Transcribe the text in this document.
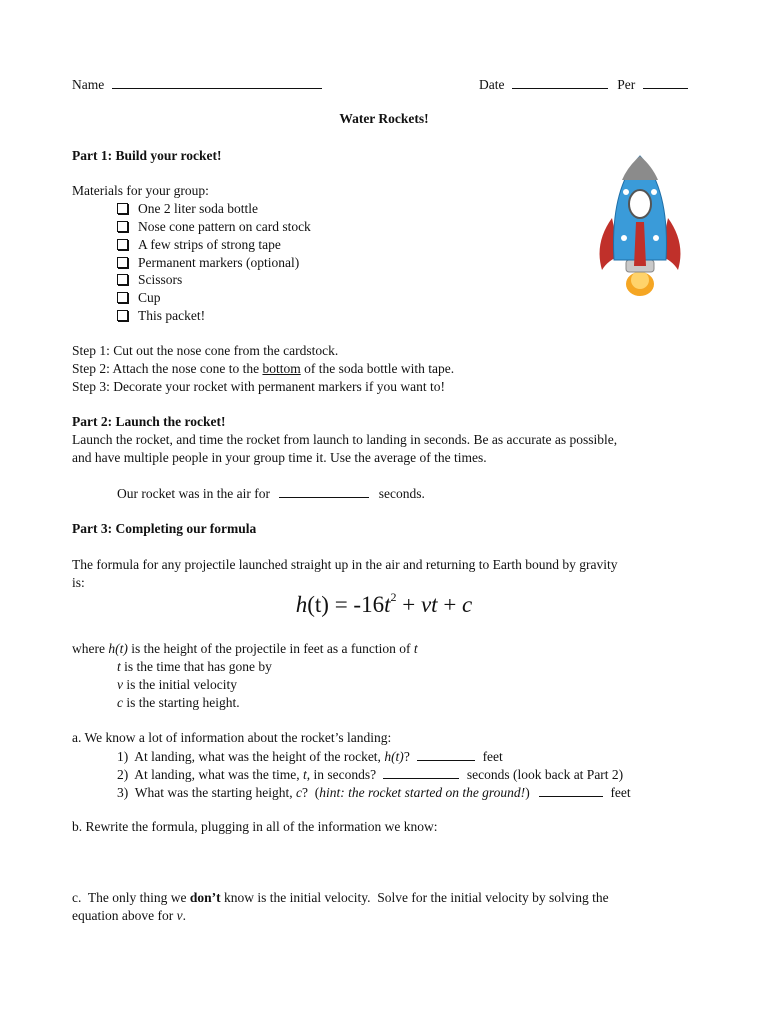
Name	Date	Per
Water Rockets!
Part 1: Build your rocket!
Materials for your group:
One 2 liter soda bottle
Nose cone pattern on card stock
A few strips of strong tape
Permanent markers (optional)
Scissors
Cup
This packet!
Step 1: Cut out the nose cone from the cardstock.
Step 2: Attach the nose cone to the bottom of the soda bottle with tape.
Step 3: Decorate your rocket with permanent markers if you want to!
Part 2: Launch the rocket!
Launch the rocket, and time the rocket from launch to landing in seconds. Be as accurate as possible,
and have multiple people in your group time it. Use the average of the times.
Our rocket was in the air for	seconds.
Part 3: Completing our formula
The formula for any projectile launched straight up in the air and returning to Earth bound by gravity
is:
$h(t) = -16t^2$ + vt + c
where h(t) is the height of the projectile in feet as a function of t
t is the time that has gone by
v is the initial velocity
c is the starting height.
a. We know a lot of information about the rocket’s landing:
1)  At landing, what was the height of the rocket, h(t)?	feet
2)  At landing, what was the time, t, in seconds?	seconds (look back at Part 2)
3)  What was the starting height, c?  (hint: the rocket started on the ground!)	feet
b. Rewrite the formula, plugging in all of the information we know:
c.  The only thing we don’t know is the initial velocity.  Solve for the initial velocity by solving the
equation above for v.
